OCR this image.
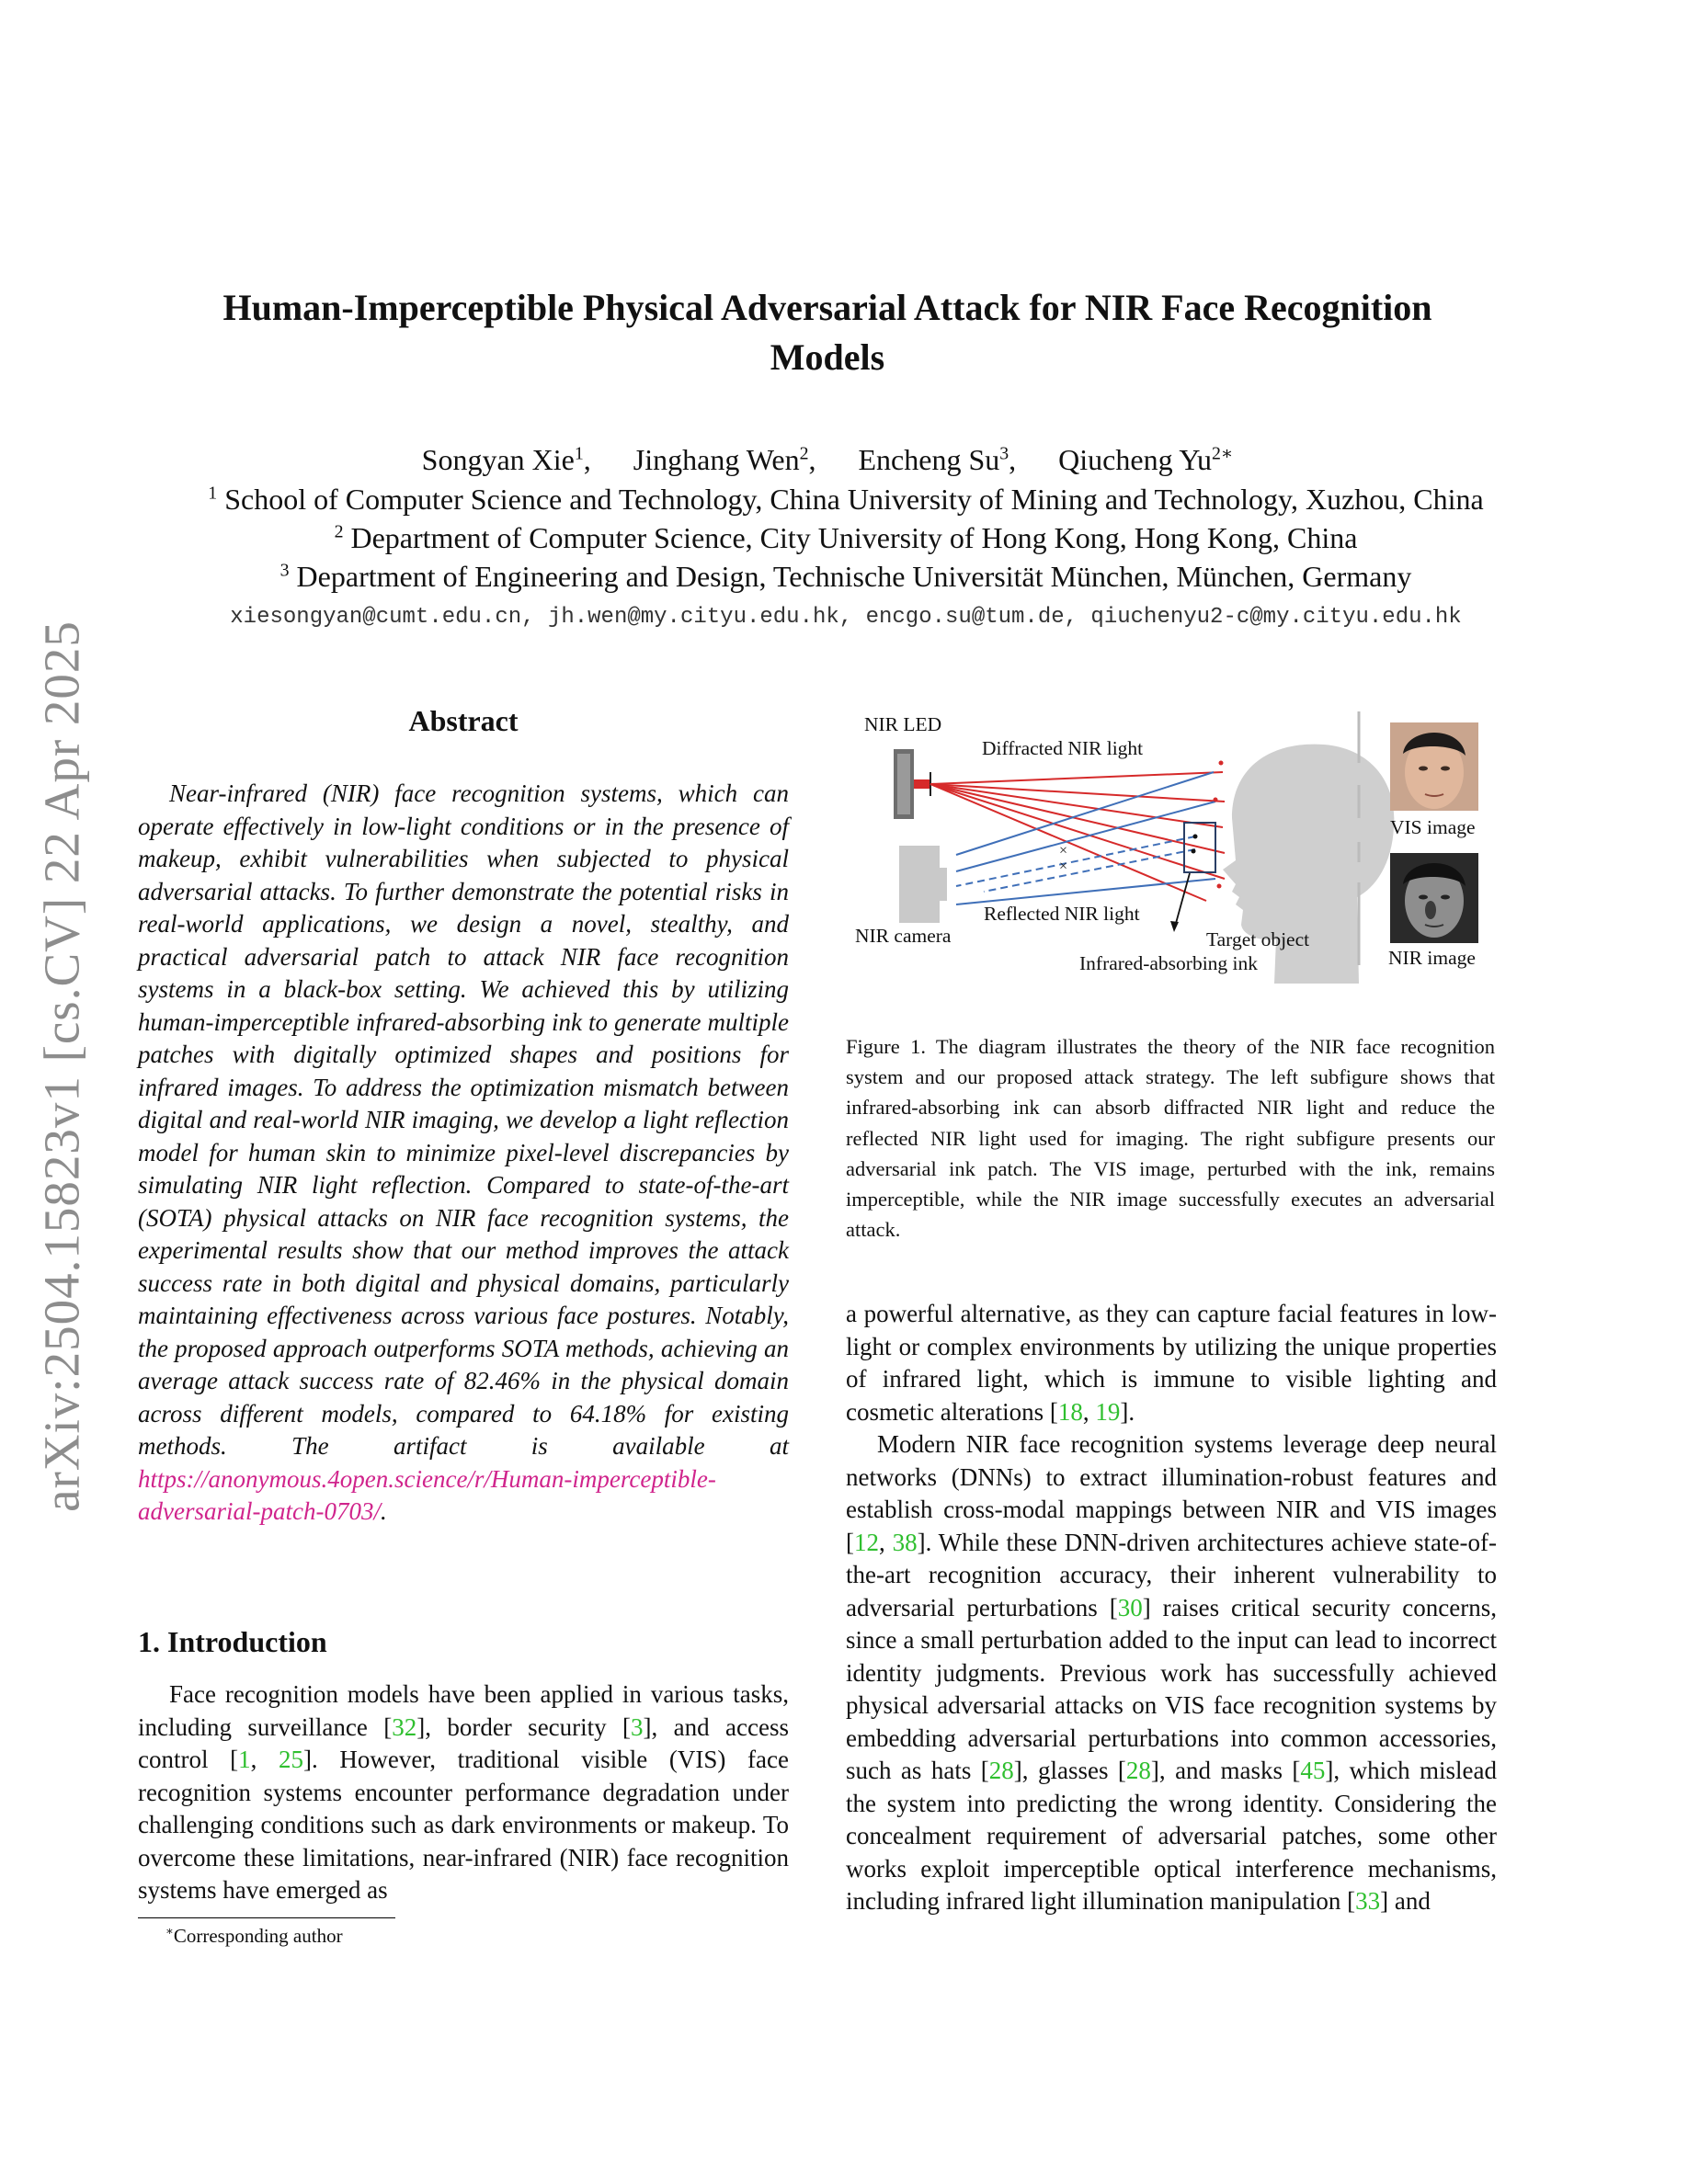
arXiv:2504.15823v1 [cs.CV] 22 Apr 2025
Human-Imperceptible Physical Adversarial Attack for NIR Face Recognition
Models
Songyan Xie$^1$, Jinghang Wen$^2$, Encheng Su$^3$, Qiucheng $Yu^{2∗}$
$^1$ School of Computer Science and Technology, China University of Mining and Technology, Xuzhou, China
$^2$ Department of Computer Science, City University of Hong Kong, Hong Kong, China
$^3$ Department of Engineering and Design, Technische Universität München, München, Germany
xiesongyan@cumt.edu.cn, jh.wen@my.cityu.edu.hk, encgo.su@tum.de, qiuchenyu2-c@my.cityu.edu.hk
Abstract

Near-infrared (NIR) face recognition systems, which can operate effectively in low-light conditions or in the presence of makeup, exhibit vulnerabilities when subjected to physical adversarial attacks. To further demonstrate the potential risks in real-world applications, we design a novel, stealthy, and practical adversarial patch to attack NIR face recognition systems in a black-box setting. We achieved this by utilizing human-imperceptible infrared-absorbing ink to generate multiple patches with digitally optimized shapes and positions for infrared images. To address the optimization mismatch between digital and real-world NIR imaging, we develop a light reflection model for human skin to minimize pixel-level discrepancies by simulating NIR light reflection. Compared to state-of-the-art (SOTA) physical attacks on NIR face recognition systems, the experimental results show that our method improves the attack success rate in both digital and physical domains, particularly maintaining effectiveness across various face postures. Notably, the proposed approach outperforms SOTA methods, achieving an average attack success rate of 82.46% in the physical domain across different models, compared to 64.18% for existing methods. The artifact is available at https://anonymous.4open.science/r/Human-imperceptible-adversarial-patch-0703/.

1. Introduction

Face recognition models have been applied in various tasks, including surveillance [32], border security [3], and access control [1, 25]. However, traditional visible (VIS) face recognition systems encounter performance degradation under challenging conditions such as dark environments or makeup. To overcome these limitations, near-infrared (NIR) face recognition systems have emerged as

∗Corresponding author
×
×
NIR LED
Diffracted NIR light
Reflected NIR light
NIR camera	Target object
Infrared-absorbing ink
VIS image
NIR image
Figure 1. The diagram illustrates the theory of the NIR face recognition system and our proposed attack strategy. The left subfigure shows that infrared-absorbing ink can absorb diffracted NIR light and reduce the reflected NIR light used for imaging. The right subfigure presents our adversarial ink patch. The VIS image, perturbed with the ink, remains imperceptible, while the NIR image successfully executes an adversarial attack.

a powerful alternative, as they can capture facial features in low-light or complex environments by utilizing the unique properties of infrared light, which is immune to visible lighting and cosmetic alterations [18, 19].

Modern NIR face recognition systems leverage deep neural networks (DNNs) to extract illumination-robust features and establish cross-modal mappings between NIR and VIS images [12, 38]. While these DNN-driven architectures achieve state-of-the-art recognition accuracy, their inherent vulnerability to adversarial perturbations [30] raises critical security concerns, since a small perturbation added to the input can lead to incorrect identity judgments. Previous work has successfully achieved physical adversarial attacks on VIS face recognition systems by embedding adversarial perturbations into common accessories, such as hats [28], glasses [28], and masks [45], which mislead the system into predicting the wrong identity. Considering the concealment requirement of adversarial patches, some other works exploit imperceptible optical interference mechanisms, including infrared light illumination manipulation [33] and
